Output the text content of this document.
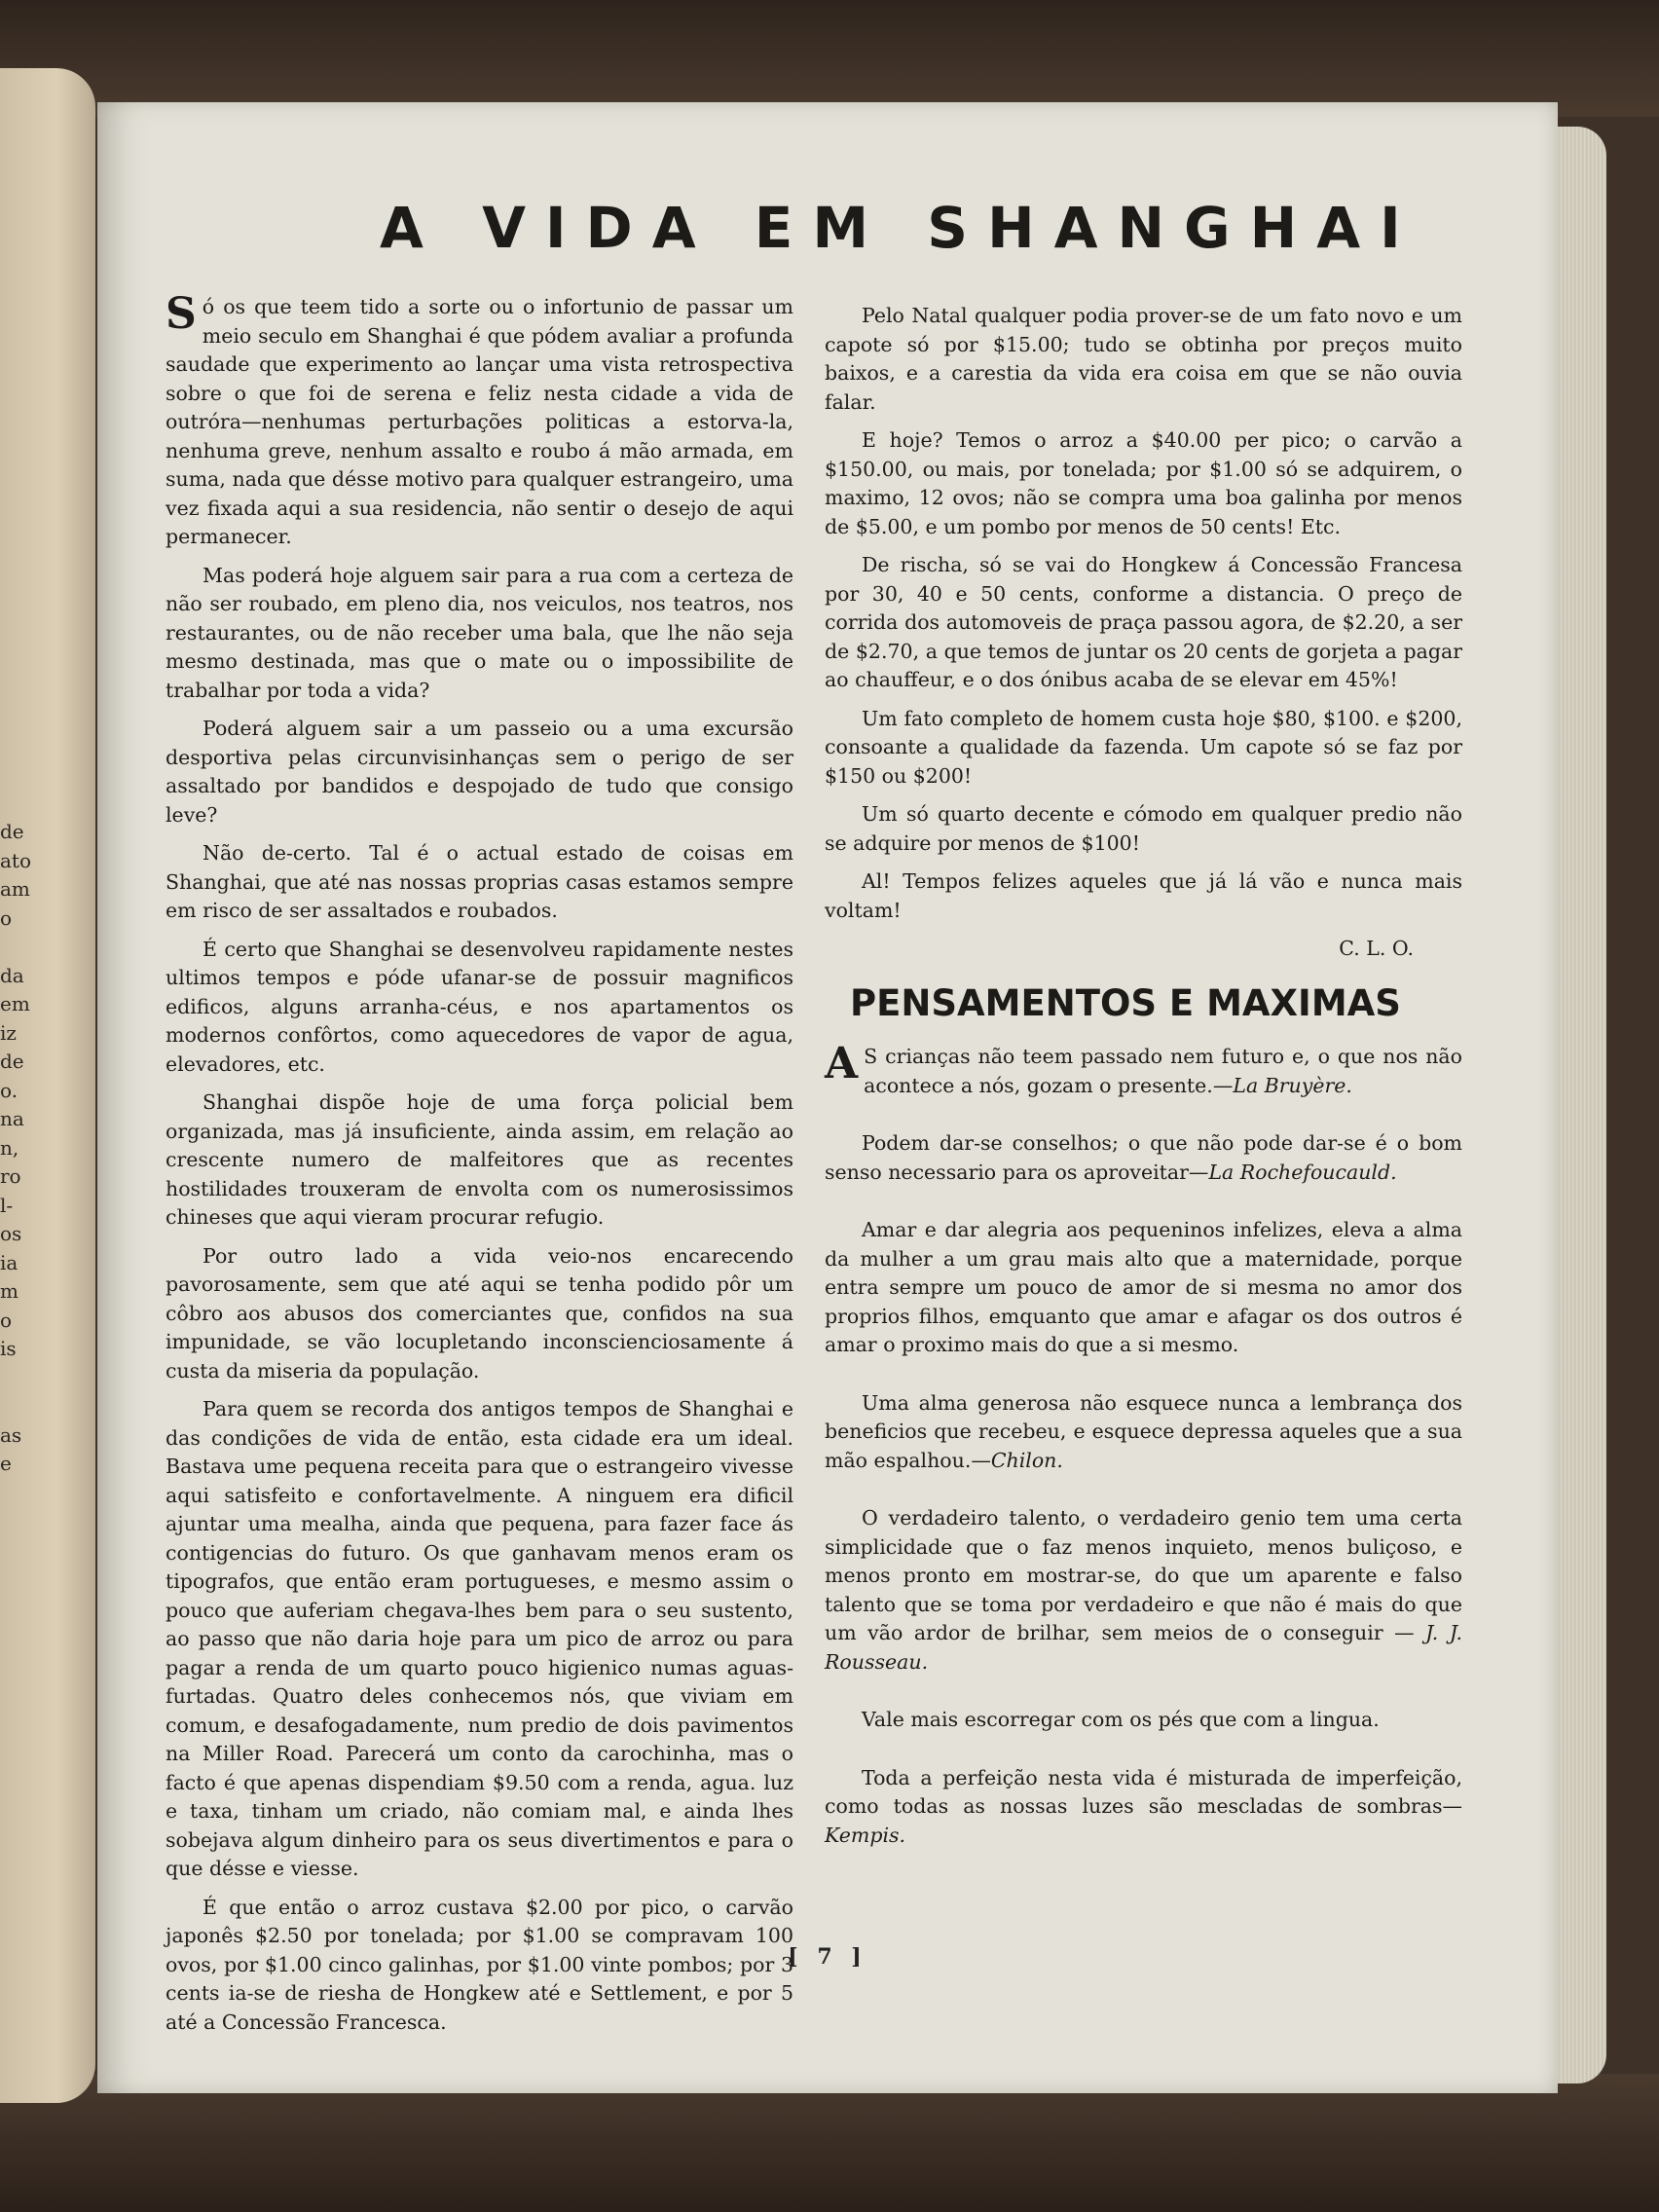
de
ato
am
o
da
em
iz
de
o.
na
n,
ro
l-
os
ia
m
o
is
as
e
A VIDA EM SHANGHAI

Só os que teem tido a sorte ou o infortunio de passar um meio seculo em Shanghai é que pódem avaliar a profunda saudade que experimento ao lançar uma vista retrospectiva sobre o que foi de serena e feliz nesta cidade a vida de outróra—nenhumas perturbações politicas a estorva-la, nenhuma greve, nenhum assalto e roubo á mão armada, em suma, nada que désse motivo para qualquer estrangeiro, uma vez fixada aqui a sua residencia, não sentir o desejo de aqui permanecer.

Mas poderá hoje alguem sair para a rua com a certeza de não ser roubado, em pleno dia, nos veiculos, nos teatros, nos restaurantes, ou de não receber uma bala, que lhe não seja mesmo destinada, mas que o mate ou o impossibilite de trabalhar por toda a vida?

Poderá alguem sair a um passeio ou a uma excursão desportiva pelas circunvisinhanças sem o perigo de ser assaltado por bandidos e despojado de tudo que consigo leve?

Não de-certo. Tal é o actual estado de coisas em Shanghai, que até nas nossas proprias casas estamos sempre em risco de ser assaltados e roubados.

É certo que Shanghai se desenvolveu rapidamente nestes ultimos tempos e póde ufanar-se de possuir magnificos edificos, alguns arranha-céus, e nos apartamentos os modernos confôrtos, como aquecedores de vapor de agua, elevadores, etc.

Shanghai dispõe hoje de uma força policial bem organizada, mas já insuficiente, ainda assim, em relação ao crescente numero de malfeitores que as recentes hostilidades trouxeram de envolta com os numerosissimos chineses que aqui vieram procurar refugio.

Por outro lado a vida veio-nos encarecendo pavorosamente, sem que até aqui se tenha podido pôr um côbro aos abusos dos comerciantes que, confidos na sua impunidade, se vão locupletando inconscienciosamente á custa da miseria da população.

Para quem se recorda dos antigos tempos de Shanghai e das condições de vida de então, esta cidade era um ideal. Bastava ume pequena receita para que o estrangeiro vivesse aqui satisfeito e confortavelmente. A ninguem era dificil ajuntar uma mealha, ainda que pequena, para fazer face ás contigencias do futuro. Os que ganhavam menos eram os tipografos, que então eram portugueses, e mesmo assim o pouco que auferiam chegava-lhes bem para o seu sustento, ao passo que não daria hoje para um pico de arroz ou para pagar a renda de um quarto pouco higienico numas aguas-furtadas. Quatro deles conhecemos nós, que viviam em comum, e desafogadamente, num predio de dois pavimentos na Miller Road. Parecerá um conto da carochinha, mas o facto é que apenas dispendiam $9.50 com a renda, agua. luz e taxa, tinham um criado, não comiam mal, e ainda lhes sobejava algum dinheiro para os seus divertimentos e para o que désse e viesse.

É que então o arroz custava $2.00 por pico, o carvão japonês $2.50 por tonelada; por $1.00 se compravam 100 ovos, por $1.00 cinco galinhas, por $1.00 vinte pombos; por 3 cents ia-se de riesha de Hongkew até e Settlement, e por 5 até a Concessão Francesca.

Pelo Natal qualquer podia prover-se de um fato novo e um capote só por $15.00; tudo se obtinha por preços muito baixos, e a carestia da vida era coisa em que se não ouvia falar.

E hoje? Temos o arroz a $40.00 per pico; o carvão a $150.00, ou mais, por tonelada; por $1.00 só se adquirem, o maximo, 12 ovos; não se compra uma boa galinha por menos de $5.00, e um pombo por menos de 50 cents! Etc.

De rischa, só se vai do Hongkew á Concessão Francesa por 30, 40 e 50 cents, conforme a distancia. O preço de corrida dos automoveis de praça passou agora, de $2.20, a ser de $2.70, a que temos de juntar os 20 cents de gorjeta a pagar ao chauffeur, e o dos ónibus acaba de se elevar em 45%!

Um fato completo de homem custa hoje $80, $100. e $200, consoante a qualidade da fazenda. Um capote só se faz por $150 ou $200!

Um só quarto decente e cómodo em qualquer predio não se adquire por menos de $100!

Al! Tempos felizes aqueles que já lá vão e nunca mais voltam!

C. L. O.
PENSAMENTOS E MAXIMAS

A S crianças não teem passado nem futuro e, o que nos não acontece a nós, gozam o presente.—La Bruyère.

Podem dar-se conselhos; o que não pode dar-se é o bom senso necessario para os aproveitar—La Rochefoucauld.

Amar e dar alegria aos pequeninos infelizes, eleva a alma da mulher a um grau mais alto que a maternidade, porque entra sempre um pouco de amor de si mesma no amor dos proprios filhos, emquanto que amar e afagar os dos outros é amar o proximo mais do que a si mesmo.

Uma alma generosa não esquece nunca a lembrança dos beneficios que recebeu, e esquece depressa aqueles que a sua mão espalhou.—Chilon.

O verdadeiro talento, o verdadeiro genio tem uma certa simplicidade que o faz menos inquieto, menos buliçoso, e menos pronto em mostrar-se, do que um aparente e falso talento que se toma por verdadeiro e que não é mais do que um vão ardor de brilhar, sem meios de o conseguir — J. J. Rousseau.

Vale mais escorregar com os pés que com a lingua.

Toda a perfeição nesta vida é misturada de imperfeição, como todas as nossas luzes são mescladas de sombras—Kempis.

[ 7 ]
